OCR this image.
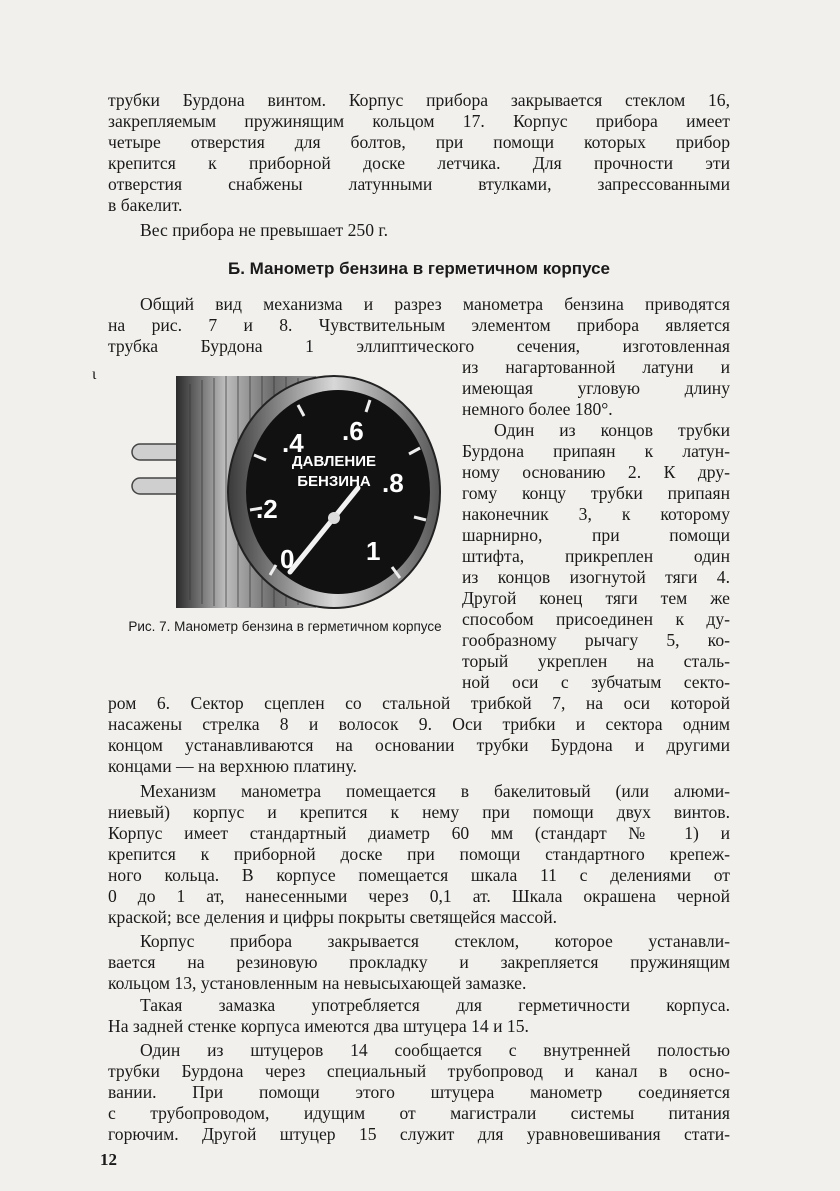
трубки Бурдона винтом. Корпус прибора закрывается стеклом 16,
закрепляемым пружинящим кольцом 17. Корпус прибора имеет
четыре отверстия для болтов, при помощи которых прибор
крепится к приборной доске летчика. Для прочности эти
отверстия снабжены латунными втулками, запрессованными
в бакелит.

Вес прибора не превышает 250 г.

Б. Манометр бензина в герметичном корпусе

Общий вид механизма и разрез манометра бензина приводятся
на рис. 7 и 8. Чувствительным элементом прибора является
трубка Бурдона 1 эллиптического сечения, изготовленная

из нагартованной латуни и
имеющая угловую длину
немного более 180°.
Один из концов трубки
Бурдона припаян к латун-
ному основанию 2. К дру-
гому концу трубки припаян
наконечник 3, к которому
шарнирно, при помощи
штифта, прикреплен один
из концов изогнутой тяги 4.
Другой конец тяги тем же
способом присоединен к ду-
гообразному рычагу 5, ко-
торый укреплен на сталь-
ной оси с зубчатым секто-

ɩ
0
.2
.4 .6
.8
1
ДАВЛЕНИЕ
БЕНЗИНА
Рис. 7. Манометр бензина в герметичном корпусе

ром 6. Сектор сцеплен со стальной трибкой 7, на оси которой
насажены стрелка 8 и волосок 9. Оси трибки и сектора одним
концом устанавливаются на основании трубки Бурдона и другими
концами — на верхнюю платину.

Механизм манометра помещается в бакелитовый (или алюми-
ниевый) корпус и крепится к нему при помощи двух винтов.
Корпус имеет стандартный диаметр 60 мм (стандарт № 1) и
крепится к приборной доске при помощи стандартного крепеж-
ного кольца. В корпусе помещается шкала 11 с делениями от
0 до 1 ат, нанесенными через 0,1 ат. Шкала окрашена черной
краской; все деления и цифры покрыты светящейся массой.

Корпус прибора закрывается стеклом, которое устанавли-
вается на резиновую прокладку и закрепляется пружинящим
кольцом 13, установленным на невысыхающей замазке.

Такая замазка употребляется для герметичности корпуса.
На задней стенке корпуса имеются два штуцера 14 и 15.

Один из штуцеров 14 сообщается с внутренней полостью
трубки Бурдона через специальный трубопровод и канал в осно-
вании. При помощи этого штуцера манометр соединяется
с трубопроводом, идущим от магистрали системы питания
горючим. Другой штуцер 15 служит для уравновешивания стати-

12
